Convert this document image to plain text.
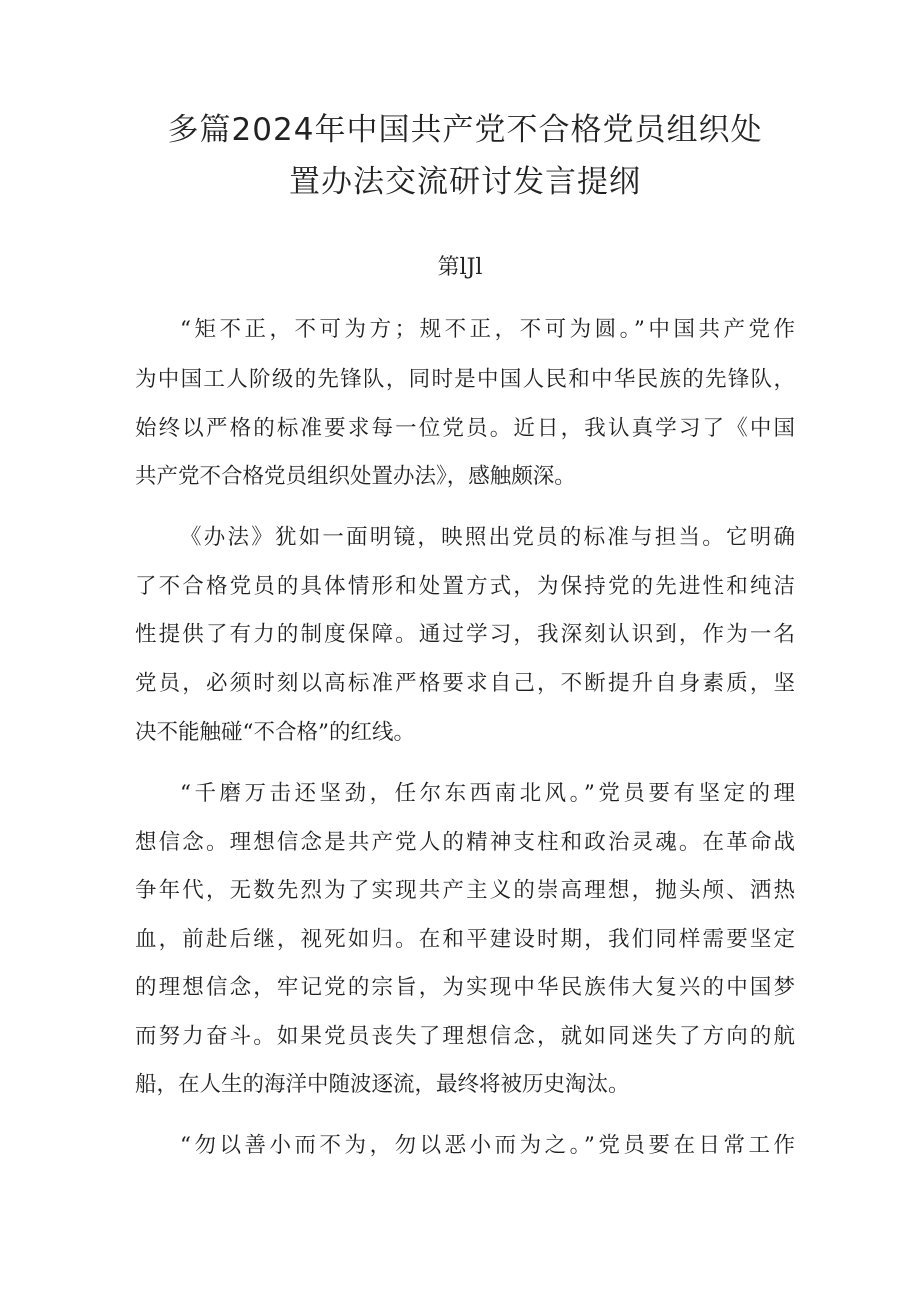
多篇2024年中国共产党不合格党员组织处
置办法交流研讨发言提纲
第lJl
“矩不正，不可为方；规不正，不可为圆。”中国共产党作
为中国工人阶级的先锋队，同时是中国人民和中华民族的先锋队，
始终以严格的标准要求每一位党员。近日，我认真学习了《中国
共产党不合格党员组织处置办法》，感触颇深。
《办法》犹如一面明镜，映照出党员的标准与担当。它明确
了不合格党员的具体情形和处置方式，为保持党的先进性和纯洁
性提供了有力的制度保障。通过学习，我深刻认识到，作为一名
党员，必须时刻以高标准严格要求自己，不断提升自身素质，坚
决不能触碰“不合格”的红线。
“千磨万击还坚劲，任尔东西南北风。”党员要有坚定的理
想信念。理想信念是共产党人的精神支柱和政治灵魂。在革命战
争年代，无数先烈为了实现共产主义的崇高理想，抛头颅、洒热
血，前赴后继，视死如归。在和平建设时期，我们同样需要坚定
的理想信念，牢记党的宗旨，为实现中华民族伟大复兴的中国梦
而努力奋斗。如果党员丧失了理想信念，就如同迷失了方向的航
船，在人生的海洋中随波逐流，最终将被历史淘汰。
“勿以善小而不为，勿以恶小而为之。”党员要在日常工作
